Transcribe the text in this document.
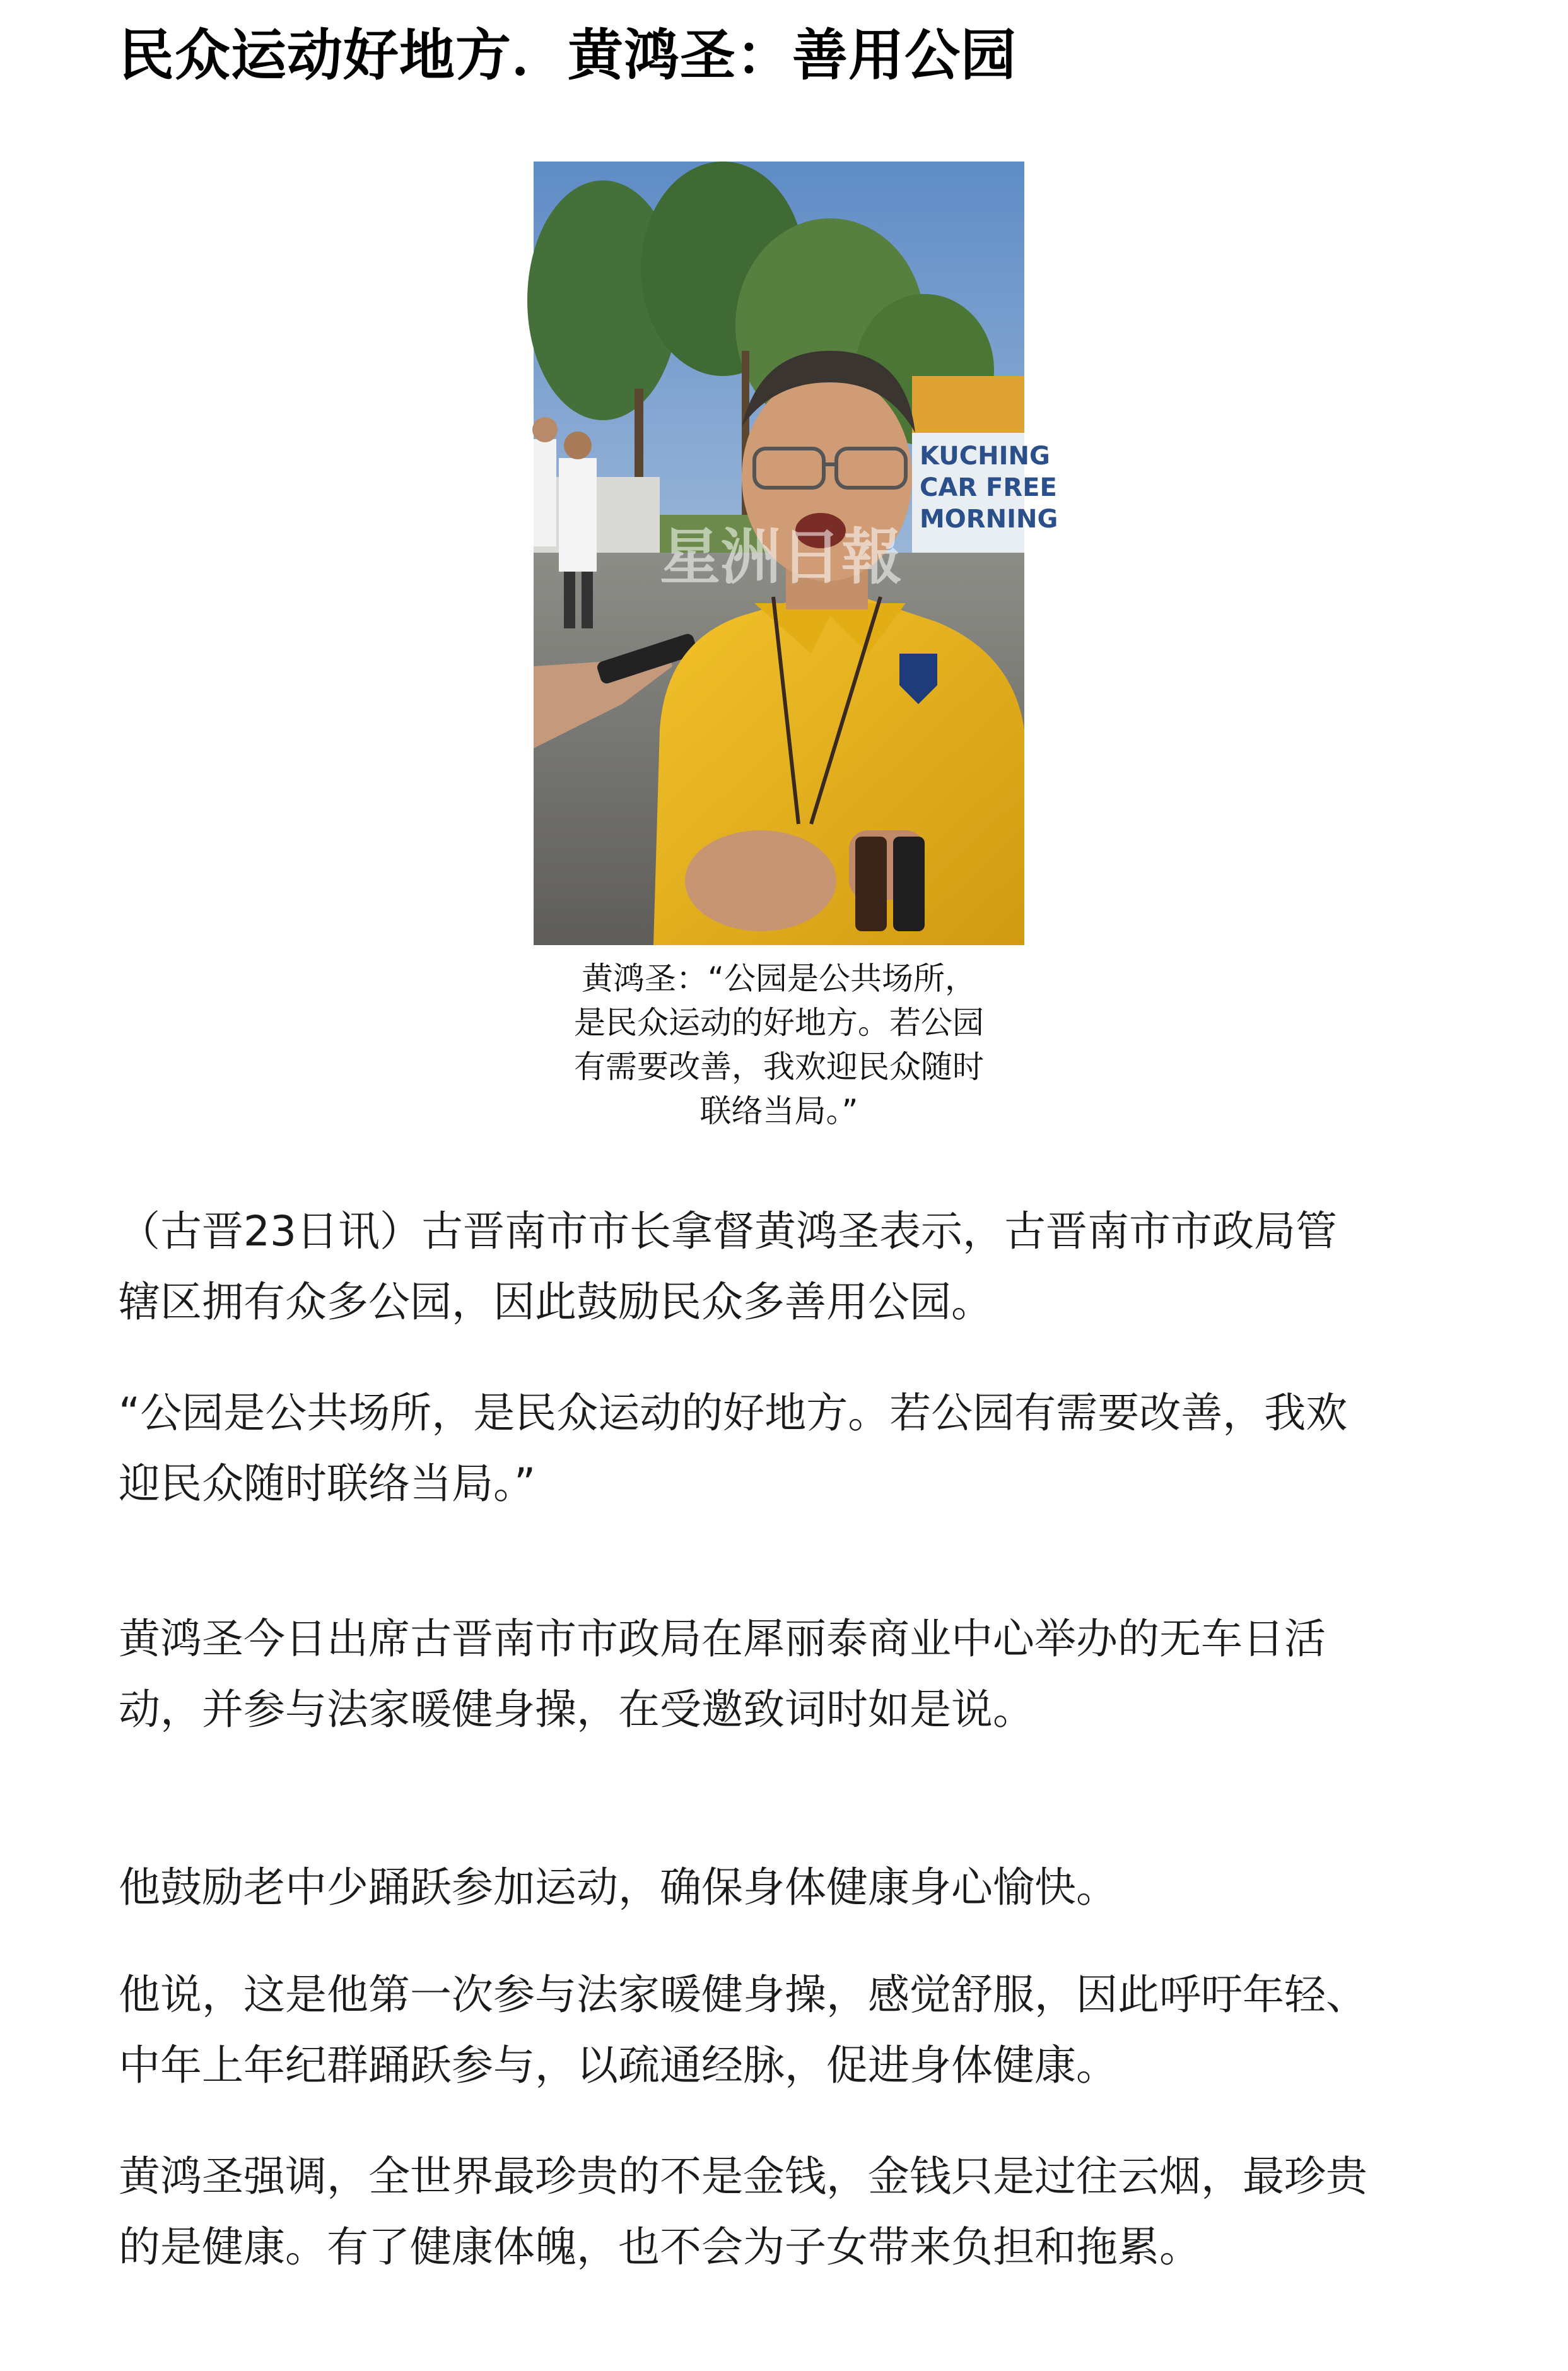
民众运动好地方．黄鸿圣：善用公园
KUCHING
CAR FREE
MORNING
星洲日報
黄鸿圣：“公园是公共场所，
是民众运动的好地方。若公园
有需要改善，我欢迎民众随时
联络当局。”

（古晋23日讯）古晋南市市长拿督黄鸿圣表示，古晋南市市政局管
辖区拥有众多公园，因此鼓励民众多善用公园。

“公园是公共场所，是民众运动的好地方。若公园有需要改善，我欢
迎民众随时联络当局。”

黄鸿圣今日出席古晋南市市政局在犀丽泰商业中心举办的无车日活
动，并参与法家暖健身操，在受邀致词时如是说。

他鼓励老中少踊跃参加运动，确保身体健康身心愉快。

他说，这是他第一次参与法家暖健身操，感觉舒服，因此呼吁年轻、
中年上年纪群踊跃参与，以疏通经脉，促进身体健康。

黄鸿圣强调，全世界最珍贵的不是金钱，金钱只是过往云烟，最珍贵
的是健康。有了健康体魄，也不会为子女带来负担和拖累。
